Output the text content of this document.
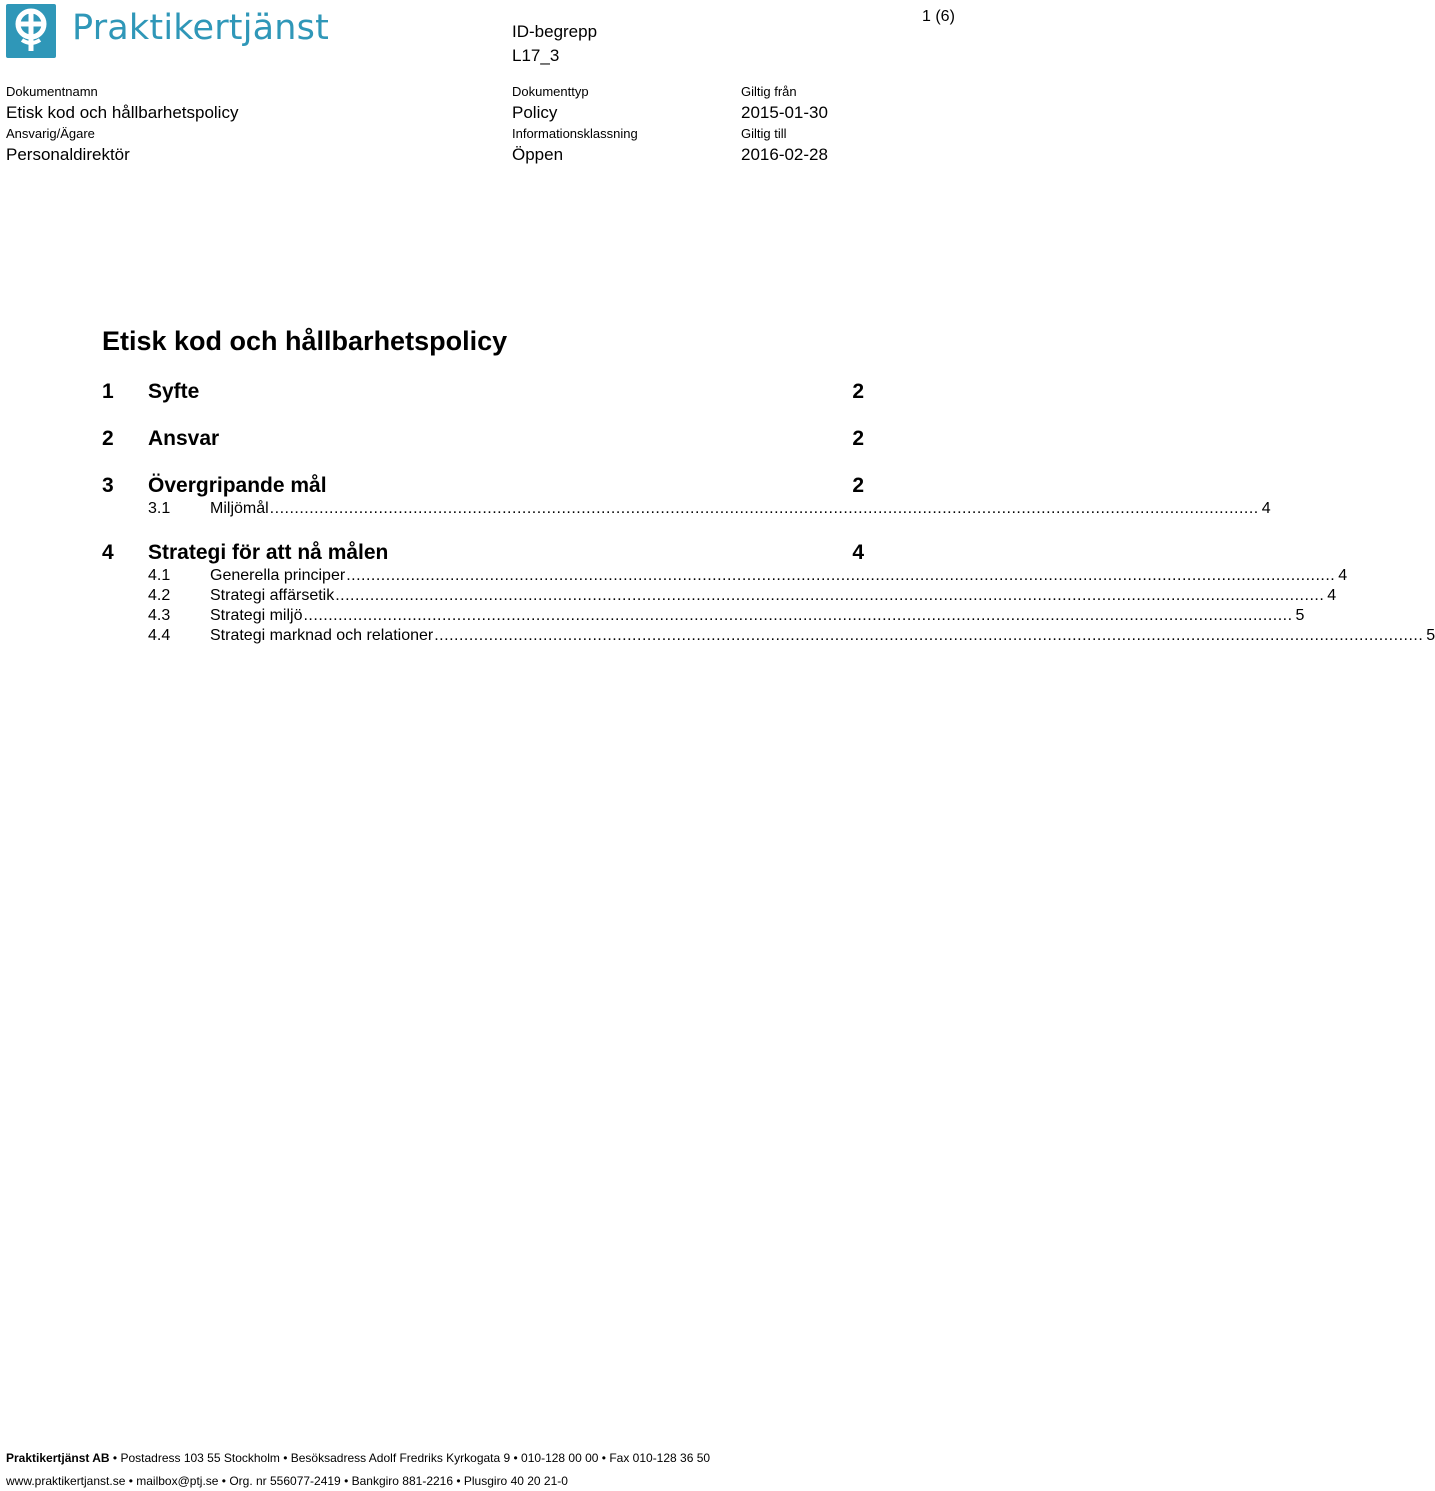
Praktikertjänst	ID-begrepp
L17_3
1 (6)
Dokumentnamn
Etisk kod och hållbarhetspolicy
Dokumenttyp
Policy
Giltig från
2015-01-30
Ansvarig/Ägare
Personaldirektör
Informationsklassning
Öppen
Giltig till
2016-02-28
Etisk kod och hållbarhetspolicy
1 Syfte	2
2 Ansvar	2
3 Övergripande mål	2
3.1	Miljömål ........................................................................................................................................................................................................ 4
4 Strategi för att nå målen	4
4.1	Generella principer ........................................................................................................................................................................................................ 4
4.2	Strategi affärsetik ........................................................................................................................................................................................................ 4
4.3	Strategi miljö ........................................................................................................................................................................................................ 5
4.4	Strategi marknad och relationer ........................................................................................................................................................................................................ 5
Praktikertjänst AB • Postadress 103 55 Stockholm • Besöksadress Adolf Fredriks Kyrkogata 9 • 010-128 00 00 • Fax 010-128 36 50
www.praktikertjanst.se • mailbox@ptj.se • Org. nr 556077-2419 • Bankgiro 881-2216 • Plusgiro 40 20 21-0
